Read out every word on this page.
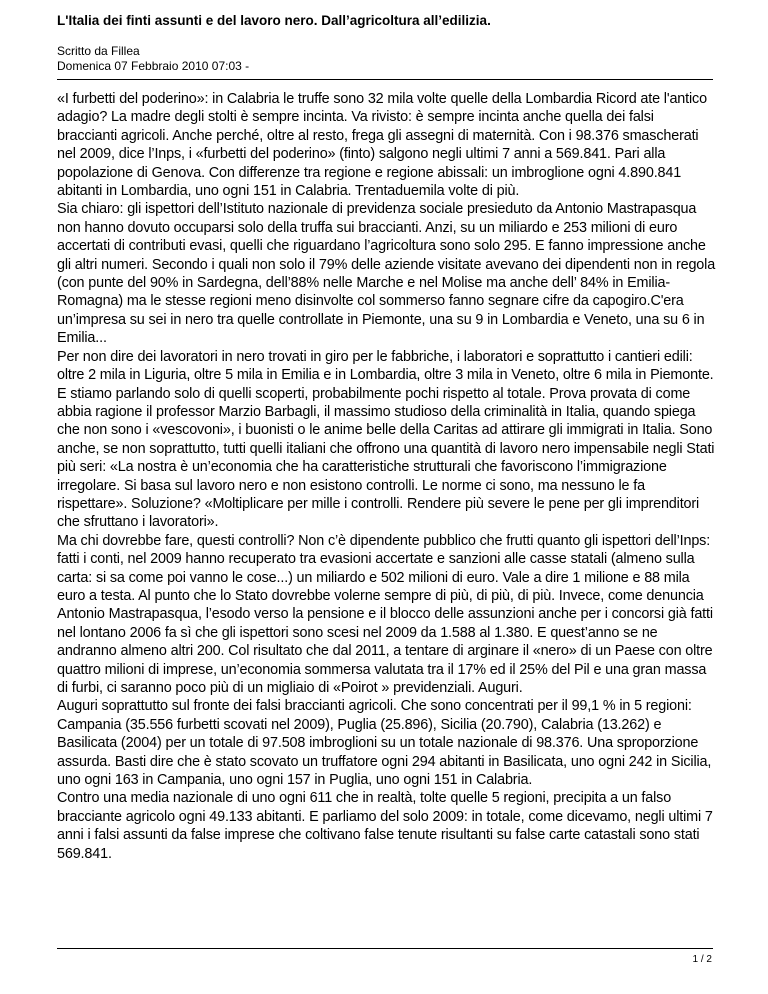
L'Italia dei finti assunti e del lavoro nero. Dall’agricoltura all’edilizia.
Scritto da Fillea
Domenica 07 Febbraio 2010 07:03 -

«I furbetti del poderino»: in Calabria le truffe sono 32 mila volte quelle della Lombardia Ricord ate l'antico adagio? La madre degli stolti è sempre incinta. Va rivisto: è sempre incinta anche quella dei falsi braccianti agricoli. Anche perché, oltre al resto, frega gli assegni di maternità. Con i 98.376 smascherati nel 2009, dice l’Inps, i «furbetti del poderino» (finto) salgono negli ultimi 7 anni a 569.841. Pari alla popolazione di Genova. Con differenze tra regione e regione abissali: un imbroglione ogni 4.890.841 abitanti in Lombardia, uno ogni 151 in Calabria. Trentaduemila volte di più.

Sia chiaro: gli ispettori dell’Istituto nazionale di previdenza sociale presieduto da Antonio Mastrapasqua non hanno dovuto occuparsi solo della truffa sui braccianti. Anzi, su un miliardo e 253 milioni di euro accertati di contributi evasi, quelli che riguardano l’agricoltura sono solo 295. E fanno impressione anche gli altri numeri. Secondo i quali non solo il 79% delle aziende visitate avevano dei dipendenti non in regola (con punte del 90% in Sardegna, dell’88% nelle Marche e nel Molise ma anche dell’ 84% in Emilia-Romagna) ma le stesse regioni meno disinvolte col sommerso fanno segnare cifre da capogiro.C'era un’impresa su sei in nero tra quelle controllate in Piemonte, una su 9 in Lombardia e Veneto, una su 6 in Emilia...

Per non dire dei lavoratori in nero trovati in giro per le fabbriche, i laboratori e soprattutto i cantieri edili: oltre 2 mila in Liguria, oltre 5 mila in Emilia e in Lombardia, oltre 3 mila in Veneto, oltre 6 mila in Piemonte. E stiamo parlando solo di quelli scoperti, probabilmente pochi rispetto al totale. Prova provata di come abbia ragione il professor Marzio Barbagli, il massimo studioso della criminalità in Italia, quando spiega che non sono i «vescovoni», i buonisti o le anime belle della Caritas ad attirare gli immigrati in Italia. Sono anche, se non soprattutto, tutti quelli italiani che offrono una quantità di lavoro nero impensabile negli Stati più seri: «La nostra è un’economia che ha caratteristiche strutturali che favoriscono l’immigrazione irregolare. Si basa sul lavoro nero e non esistono controlli. Le norme ci sono, ma nessuno le fa rispettare». Soluzione? «Moltiplicare per mille i controlli. Rendere più severe le pene per gli imprenditori che sfruttano i lavoratori».

Ma chi dovrebbe fare, questi controlli? Non c’è dipendente pubblico che frutti quanto gli ispettori dell’Inps: fatti i conti, nel 2009 hanno recuperato tra evasioni accertate e sanzioni alle casse statali (almeno sulla carta: si sa come poi vanno le cose...) un miliardo e 502 milioni di euro. Vale a dire 1 milione e 88 mila euro a testa. Al punto che lo Stato dovrebbe volerne sempre di più, di più, di più. Invece, come denuncia Antonio Mastrapasqua, l’esodo verso la pensione e il blocco delle assunzioni anche per i concorsi già fatti nel lontano 2006 fa sì che gli ispettori sono scesi nel 2009 da 1.588 al 1.380. E quest’anno se ne andranno almeno altri 200. Col risultato che dal 2011, a tentare di arginare il «nero» di un Paese con oltre quattro milioni di imprese, un’economia sommersa valutata tra il 17% ed il 25% del Pil e una gran massa di furbi, ci saranno poco più di un migliaio di «Poirot » previdenziali. Auguri.

Auguri soprattutto sul fronte dei falsi braccianti agricoli. Che sono concentrati per il 99,1 % in 5 regioni: Campania (35.556 furbetti scovati nel 2009), Puglia (25.896), Sicilia (20.790), Calabria (13.262) e Basilicata (2004) per un totale di 97.508 imbroglioni su un totale nazionale di 98.376. Una sproporzione assurda. Basti dire che è stato scovato un truffatore ogni 294 abitanti in Basilicata, uno ogni 242 in Sicilia, uno ogni 163 in Campania, uno ogni 157 in Puglia, uno ogni 151 in Calabria.

Contro una media nazionale di uno ogni 611 che in realtà, tolte quelle 5 regioni, precipita a un falso bracciante agricolo ogni 49.133 abitanti. E parliamo del solo 2009: in totale, come dicevamo, negli ultimi 7 anni i falsi assunti da false imprese che coltivano false tenute risultanti su false carte catastali sono stati 569.841.

1 / 2
